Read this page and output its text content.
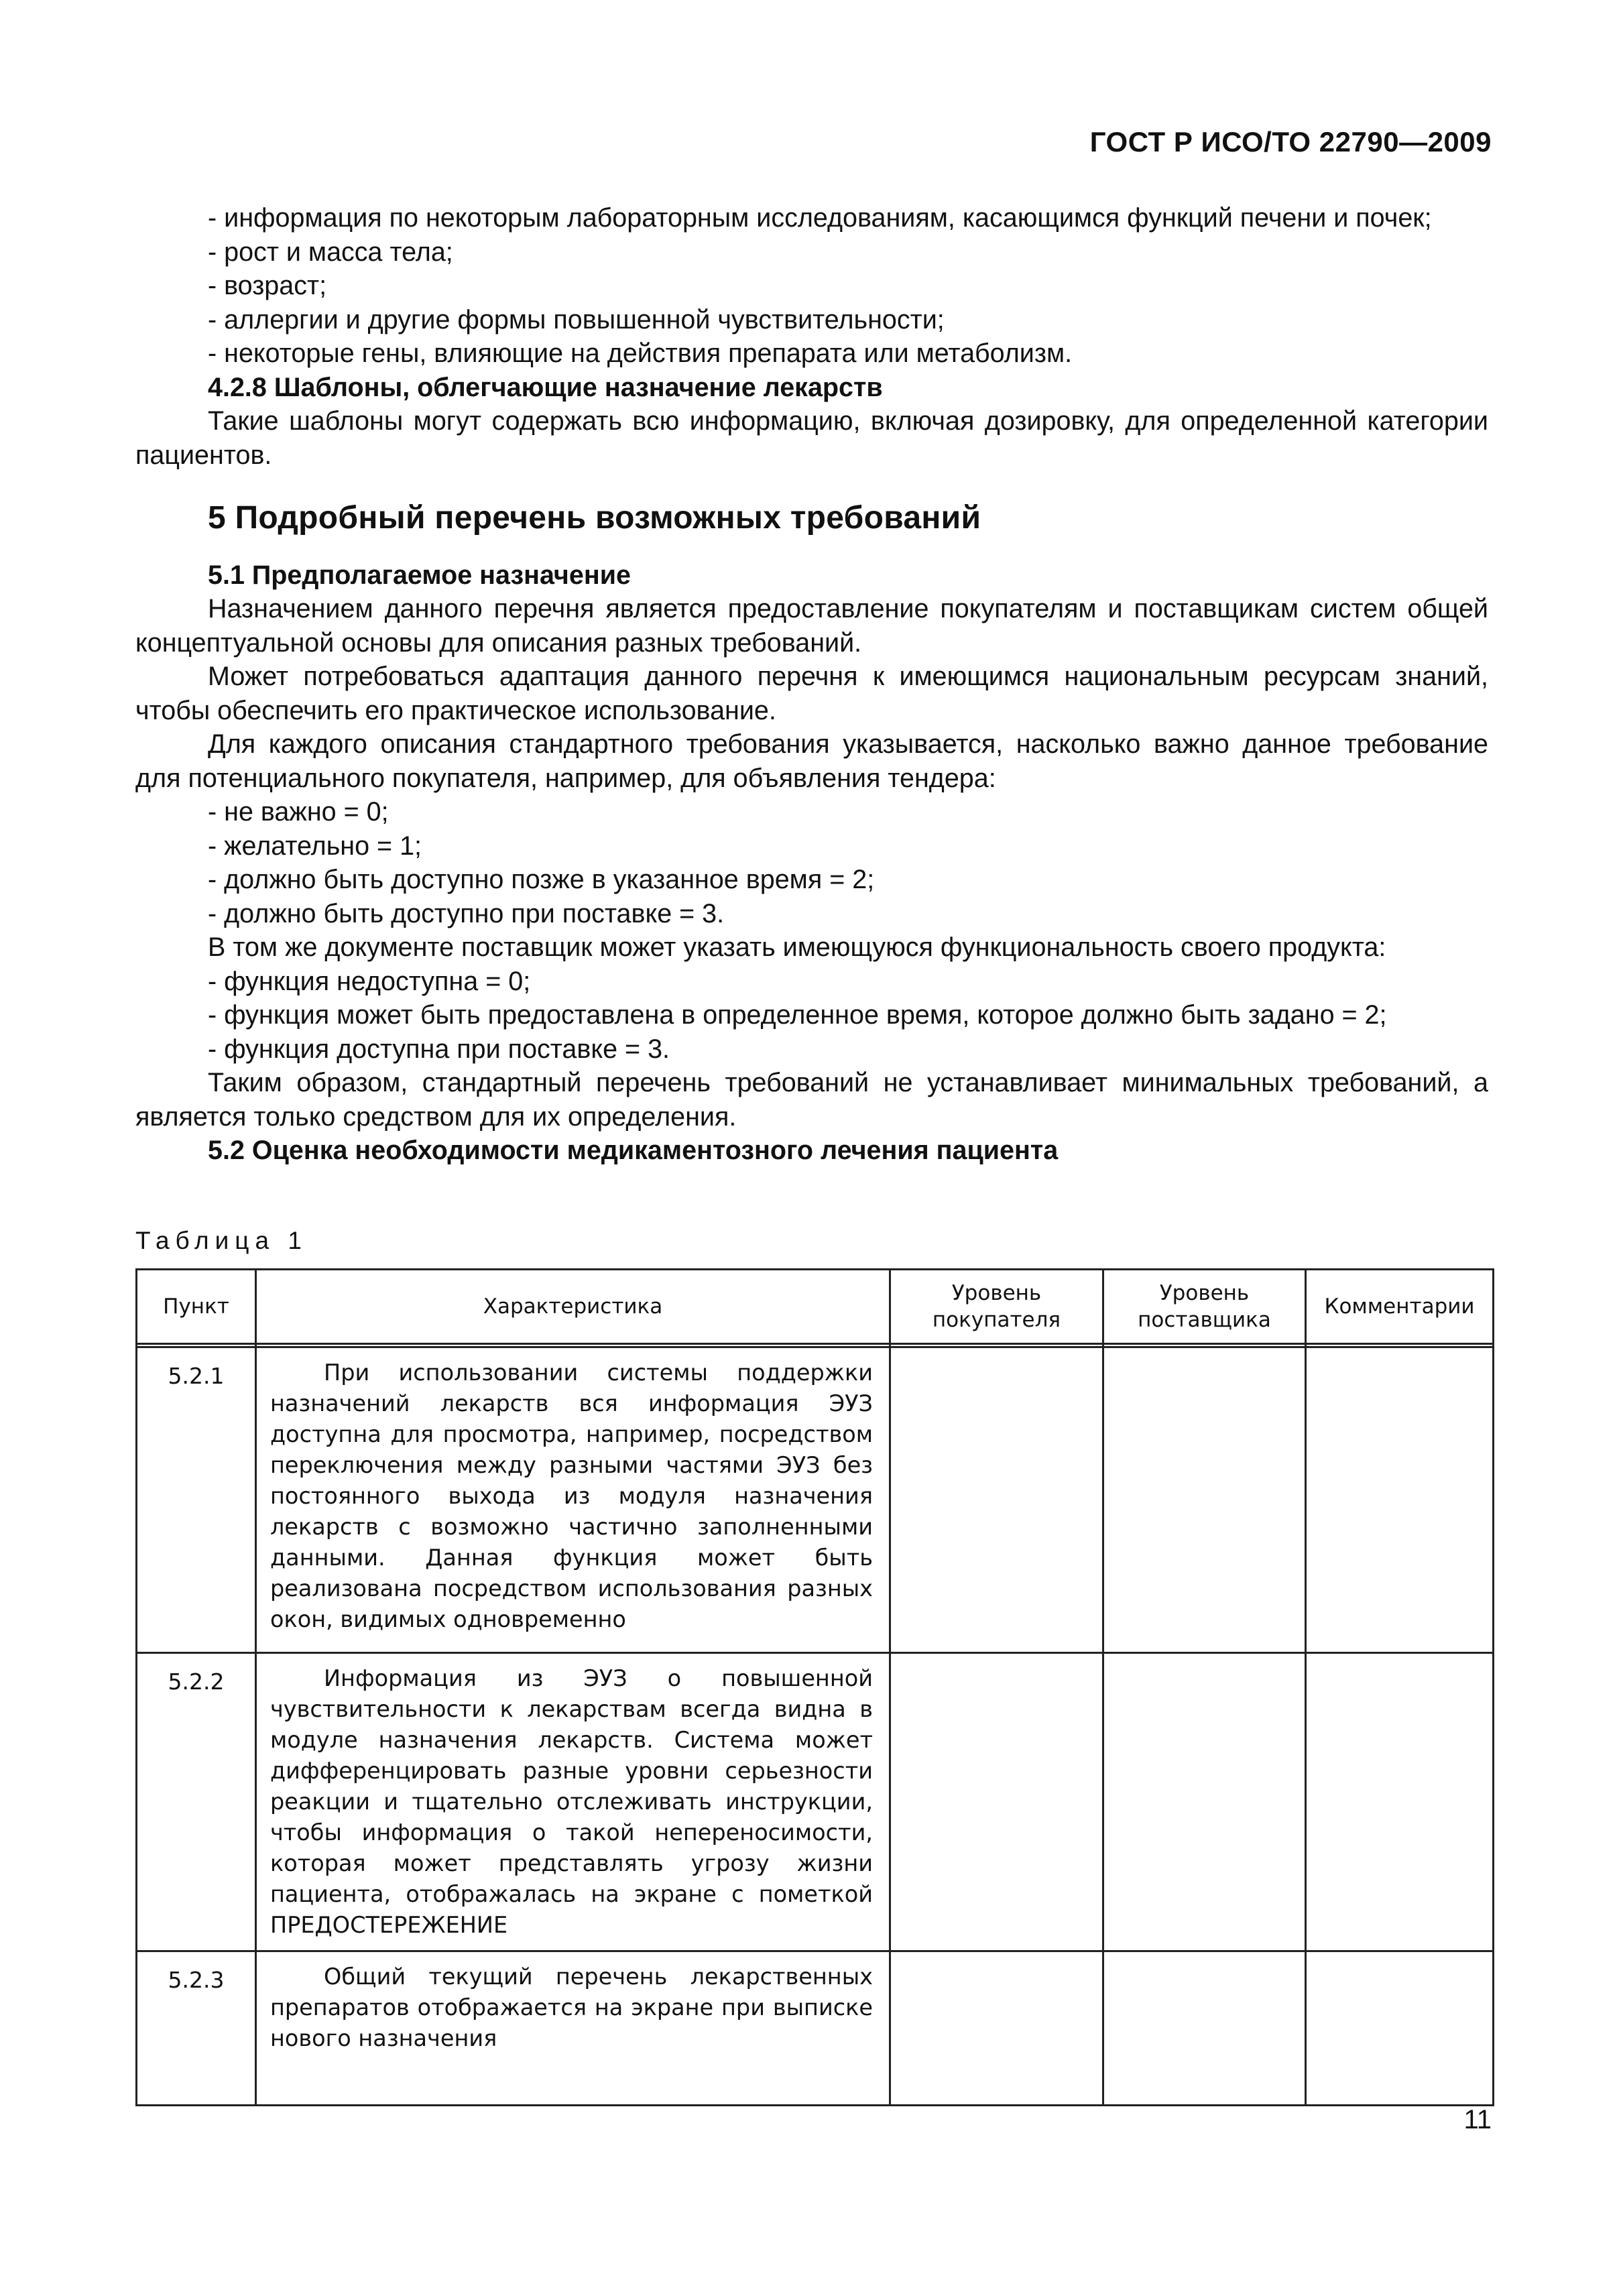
ГОСТ Р ИСО/ТО 22790—2009

- информация по некоторым лабораторным исследованиям, касающимся функций печени и почек;

- рост и масса тела;

- возраст;

- аллергии и другие формы повышенной чувствительности;

- некоторые гены, влияющие на действия препарата или метаболизм.

4.2.8 Шаблоны, облегчающие назначение лекарств

Такие шаблоны могут содержать всю информацию, включая дозировку, для определенной категории пациентов.

5 Подробный перечень возможных требований

5.1 Предполагаемое назначение

Назначением данного перечня является предоставление покупателям и поставщикам систем общей концептуальной основы для описания разных требований.

Может потребоваться адаптация данного перечня к имеющимся национальным ресурсам знаний, чтобы обеспечить его практическое использование.

Для каждого описания стандартного требования указывается, насколько важно данное требование для потенциального покупателя, например, для объявления тендера:

- не важно = 0;

- желательно = 1;

- должно быть доступно позже в указанное время = 2;

- должно быть доступно при поставке = 3.

В том же документе поставщик может указать имеющуюся функциональность своего продукта:

- функция недоступна = 0;

- функция может быть предоставлена в определенное время, которое должно быть задано = 2;

- функция доступна при поставке = 3.

Таким образом, стандартный перечень требований не устанавливает минимальных требований, а является только средством для их определения.

5.2 Оценка необходимости медикаментозного лечения пациента

Таблица 1
Пункт	Характеристика	Уровень покупателя	Уровень поставщика	Комментарии

5.2.1	При использовании системы поддержки назначений лекарств вся информация ЭУЗ доступна для просмотра, например, посредством переключения между разными частями ЭУЗ без постоянного выхода из модуля назначения лекарств с возможно частично заполненными данными. Данная функция может быть реализована посредством использования разных окон, видимых одновременно			
5.2.2	Информация из ЭУЗ о повышенной чувствительности к лекарствам всегда видна в модуле назначения лекарств. Система может дифференцировать разные уровни серьезности реакции и тщательно отслеживать инструкции, чтобы информация о такой непереносимости, которая может представлять угрозу жизни пациента, отображалась на экране с пометкой ПРЕДОСТЕРЕЖЕНИЕ			
5.2.3	Общий текущий перечень лекарственных препаратов отображается на экране при выписке нового назначения			
11
